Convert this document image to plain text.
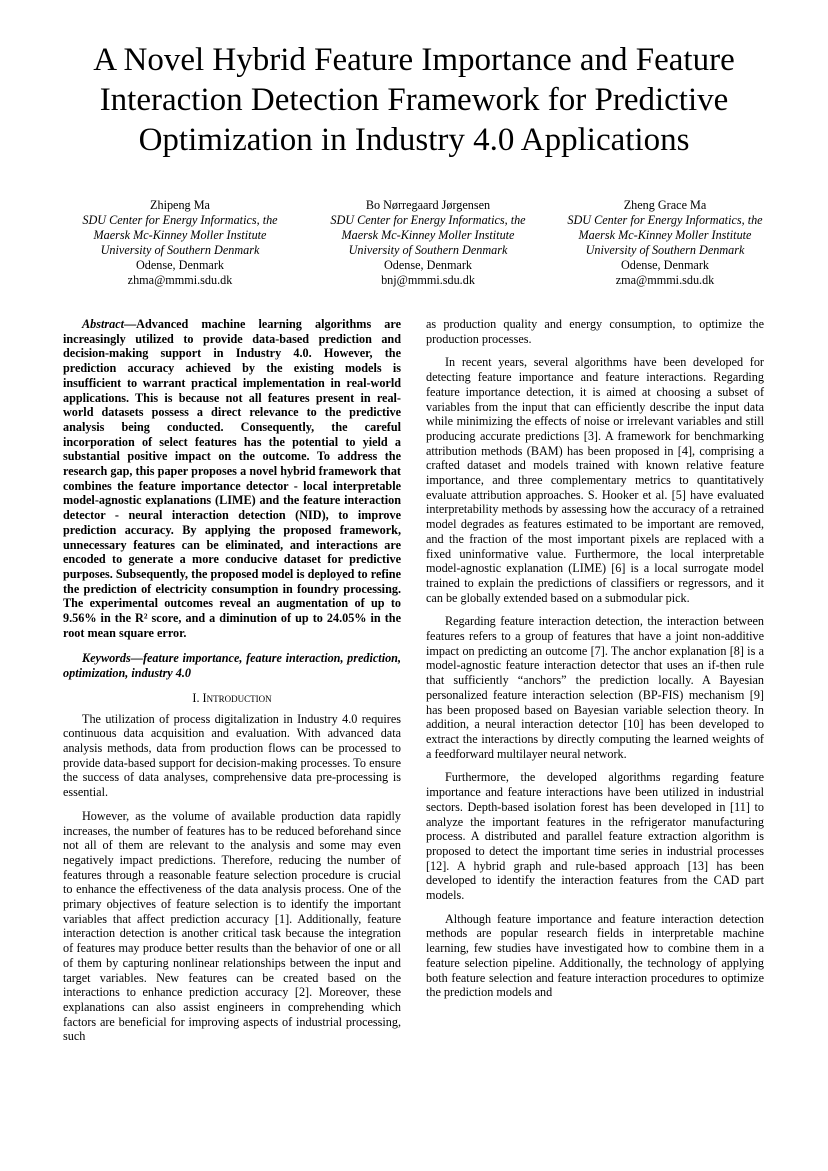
A Novel Hybrid Feature Importance and Feature
Interaction Detection Framework for Predictive
Optimization in Industry 4.0 Applications
Zhipeng Ma
SDU Center for Energy Informatics, the
Maersk Mc-Kinney Moller Institute
University of Southern Denmark
Odense, Denmark
zhma@mmmi.sdu.dk
Bo Nørregaard Jørgensen
SDU Center for Energy Informatics, the
Maersk Mc-Kinney Moller Institute
University of Southern Denmark
Odense, Denmark
bnj@mmmi.sdu.dk
Zheng Grace Ma
SDU Center for Energy Informatics, the
Maersk Mc-Kinney Moller Institute
University of Southern Denmark
Odense, Denmark
zma@mmmi.sdu.dk

Abstract—Advanced machine learning algorithms are increasingly utilized to provide data-based prediction and decision-making support in Industry 4.0. However, the prediction accuracy achieved by the existing models is insufficient to warrant practical implementation in real-world applications. This is because not all features present in real-world datasets possess a direct relevance to the predictive analysis being conducted. Consequently, the careful incorporation of select features has the potential to yield a substantial positive impact on the outcome. To address the research gap, this paper proposes a novel hybrid framework that combines the feature importance detector - local interpretable model-agnostic explanations (LIME) and the feature interaction detector - neural interaction detection (NID), to improve prediction accuracy. By applying the proposed framework, unnecessary features can be eliminated, and interactions are encoded to generate a more conducive dataset for predictive purposes. Subsequently, the proposed model is deployed to refine the prediction of electricity consumption in foundry processing. The experimental outcomes reveal an augmentation of up to 9.56% in the R² score, and a diminution of up to 24.05% in the root mean square error.

Keywords—feature importance, feature interaction, prediction, optimization, industry 4.0

I. Introduction

The utilization of process digitalization in Industry 4.0 requires continuous data acquisition and evaluation. With advanced data analysis methods, data from production flows can be processed to provide data-based support for decision-making processes. To ensure the success of data analyses, comprehensive data pre-processing is essential.

However, as the volume of available production data rapidly increases, the number of features has to be reduced beforehand since not all of them are relevant to the analysis and some may even negatively impact predictions. Therefore, reducing the number of features through a reasonable feature selection procedure is crucial to enhance the effectiveness of the data analysis process. One of the primary objectives of feature selection is to identify the important variables that affect prediction accuracy [1]. Additionally, feature interaction detection is another critical task because the integration of features may produce better results than the behavior of one or all of them by capturing nonlinear relationships between the input and target variables. New features can be created based on the interactions to enhance prediction accuracy [2]. Moreover, these explanations can also assist engineers in comprehending which factors are beneficial for improving aspects of industrial processing, such

as production quality and energy consumption, to optimize the production processes.

In recent years, several algorithms have been developed for detecting feature importance and feature interactions. Regarding feature importance detection, it is aimed at choosing a subset of variables from the input that can efficiently describe the input data while minimizing the effects of noise or irrelevant variables and still producing accurate predictions [3]. A framework for benchmarking attribution methods (BAM) has been proposed in [4], comprising a crafted dataset and models trained with known relative feature importance, and three complementary metrics to quantitatively evaluate attribution approaches. S. Hooker et al. [5] have evaluated interpretability methods by assessing how the accuracy of a retrained model degrades as features estimated to be important are removed, and the fraction of the most important pixels are replaced with a fixed uninformative value. Furthermore, the local interpretable model-agnostic explanation (LIME) [6] is a local surrogate model trained to explain the predictions of classifiers or regressors, and it can be globally extended based on a submodular pick.

Regarding feature interaction detection, the interaction between features refers to a group of features that have a joint non-additive impact on predicting an outcome [7]. The anchor explanation [8] is a model-agnostic feature interaction detector that uses an if-then rule that sufficiently “anchors” the prediction locally. A Bayesian personalized feature interaction selection (BP-FIS) mechanism [9] has been proposed based on Bayesian variable selection theory. In addition, a neural interaction detector [10] has been developed to extract the interactions by directly computing the learned weights of a feedforward multilayer neural network.

Furthermore, the developed algorithms regarding feature importance and feature interactions have been utilized in industrial sectors. Depth-based isolation forest has been developed in [11] to analyze the important features in the refrigerator manufacturing process. A distributed and parallel feature extraction algorithm is proposed to detect the important time series in industrial processes [12]. A hybrid graph and rule-based approach [13] has been developed to identify the interaction features from the CAD part models.

Although feature importance and feature interaction detection methods are popular research fields in interpretable machine learning, few studies have investigated how to combine them in a feature selection pipeline. Additionally, the technology of applying both feature selection and feature interaction procedures to optimize the prediction models and
